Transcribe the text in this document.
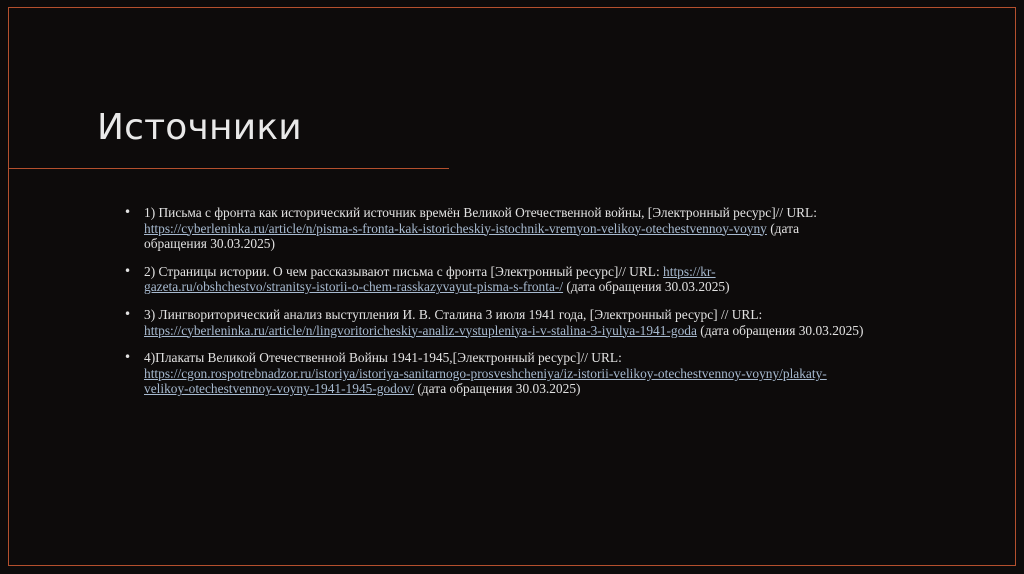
Источники
• 1) Письма с фронта как исторический источник времён Великой Отечественной войны, [Электронный ресурс]// URL: https://cyberleninka.ru/article/n/pisma-s-fronta-kak-istoricheskiy-istochnik-vremyon-velikoy-otechestvennoy-voyny (дата обращения 30.03.2025)
• 2) Страницы истории. О чем рассказывают письма с фронта [Электронный ресурс]// URL: https://kr-gazeta.ru/obshchestvo/stranitsy-istorii-o-chem-rasskazyvayut-pisma-s-fronta-/ (дата обращения 30.03.2025)
• 3) Лингвориторический анализ выступления И. В. Сталина 3 июля 1941 года, [Электронный ресурс] // URL: https://cyberleninka.ru/article/n/lingvoritoricheskiy-analiz-vystupleniya-i-v-stalina-3-iyulya-1941-goda (дата обращения 30.03.2025)
• 4)Плакаты Великой Отечественной Войны 1941-1945,[Электронный ресурс]// URL: https://cgon.rospotrebnadzor.ru/istoriya/istoriya-sanitarnogo-prosveshcheniya/iz-istorii-velikoy-otechestvennoy-voyny/plakaty-velikoy-otechestvennoy-voyny-1941-1945-godov/ (дата обращения 30.03.2025)
